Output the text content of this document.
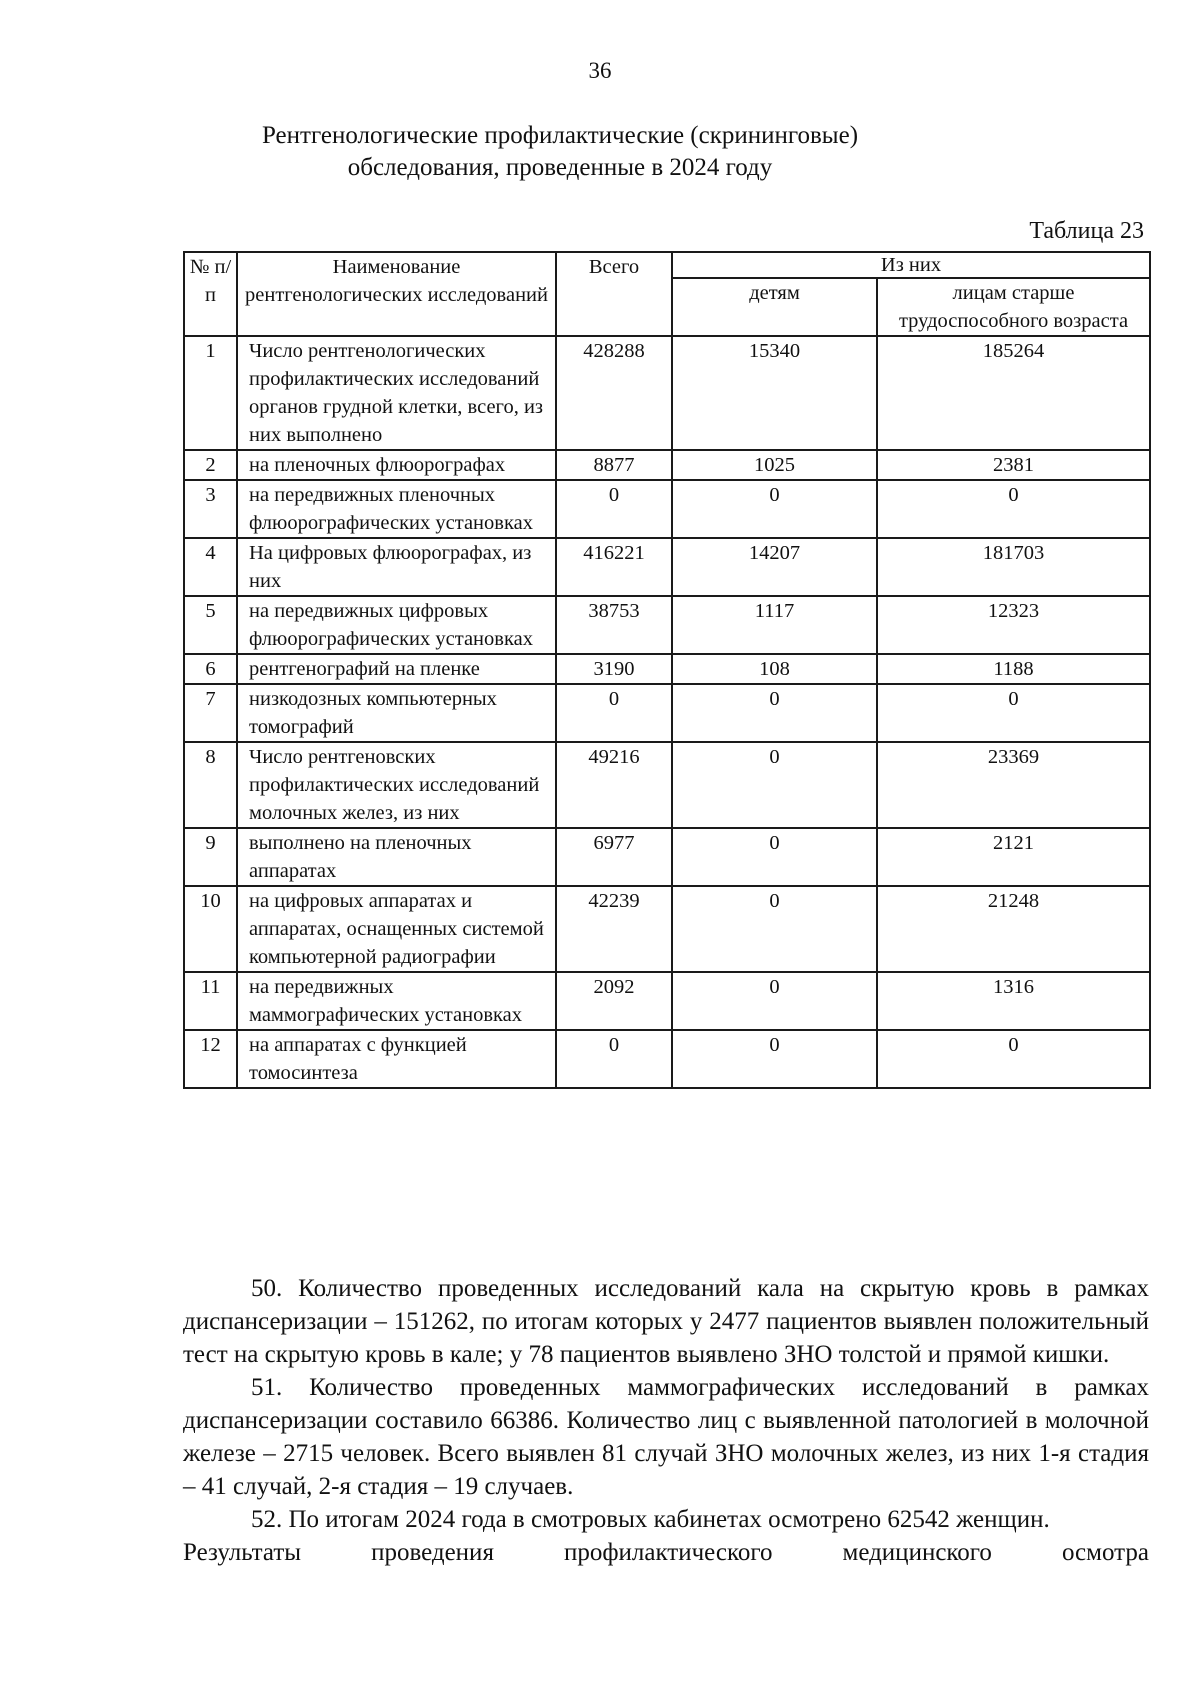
36
Рентгенологические профилактические (скрининговые)
обследования, проведенные в 2024 году
Таблица 23
№ п/п	Наименование рентгенологических исследований	Всего	Из них	
			детям	лицам старше трудоспособного возраста
1	Число рентгенологических профилактических исследований органов грудной клетки, всего, из них выполнено	428288	15340	185264
2	на пленочных флюорографах	8877	1025	2381
3	на передвижных пленочных флюорографических установках	0	0	0
4	На цифровых флюорографах, из них	416221	14207	181703
5	на передвижных цифровых флюорографических установках	38753	1117	12323
6	рентгенографий на пленке	3190	108	1188
7	низкодозных компьютерных томографий	0	0	0
8	Число рентгеновских профилактических исследований молочных желез, из них	49216	0	23369
9	выполнено на пленочных аппаратах	6977	0	2121
10	на цифровых аппаратах и аппаратах, оснащенных системой компьютерной радиографии	42239	0	21248
11	на передвижных маммографических установках	2092	0	1316
12	на аппаратах с функцией томосинтеза	0	0	0

50. Количество проведенных исследований кала на скрытую кровь в рамках диспансеризации – 151262, по итогам которых у 2477 пациентов выявлен положительный тест на скрытую кровь в кале; у 78 пациентов выявлено ЗНО толстой и прямой кишки.

51. Количество проведенных маммографических исследований в рамках диспансеризации составило 66386. Количество лиц с выявленной патологией в молочной железе – 2715 человек. Всего выявлен 81 случай ЗНО молочных желез, из них 1-я стадия – 41 случай, 2-я стадия – 19 случаев.

52. По итогам 2024 года в смотровых кабинетах осмотрено 62542 женщин.

Результаты	проведения	профилактического	медицинского	осмотра
